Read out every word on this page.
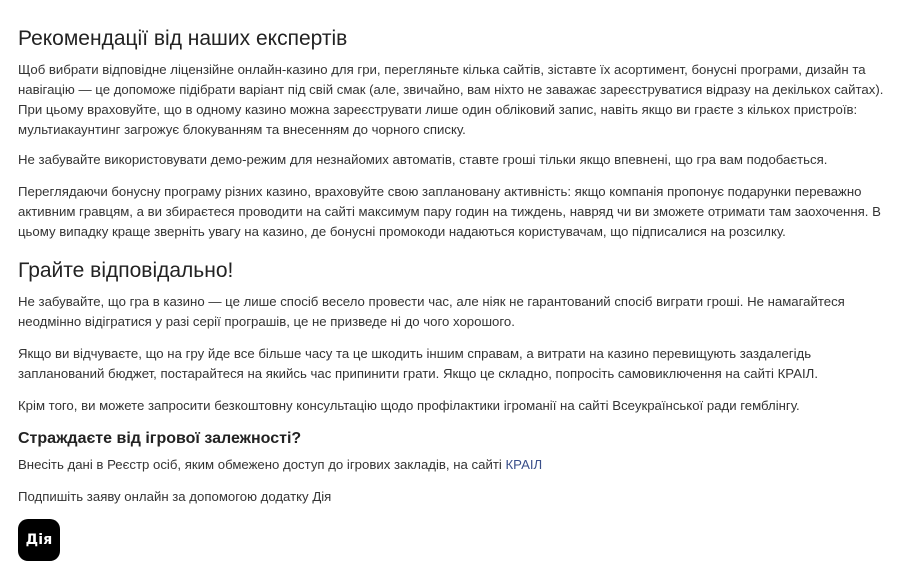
Рекомендації від наших експертів

Щоб вибрати відповідне ліцензійне онлайн-казино для гри, перегляньте кілька сайтів, зіставте їх асортимент, бонусні програми, дизайн та навігацію — це допоможе підібрати варіант під свій смак (але, звичайно, вам ніхто не заважає зареєструватися відразу на декількох сайтах). При цьому враховуйте, що в одному казино можна зареєструвати лише один обліковий запис, навіть якщо ви граєте з кількох пристроїв: мультиакаунтинг загрожує блокуванням та внесенням до чорного списку.

Не забувайте використовувати демо-режим для незнайомих автоматів, ставте гроші тільки якщо впевнені, що гра вам подобається.

Переглядаючи бонусну програму різних казино, враховуйте свою заплановану активність: якщо компанія пропонує подарунки переважно активним гравцям, а ви збираєтеся проводити на сайті максимум пару годин на тиждень, навряд чи ви зможете отримати там заохочення. В цьому випадку краще зверніть увагу на казино, де бонусні промокоди надаються користувачам, що підписалися на розсилку.

Грайте відповідально!

Не забувайте, що гра в казино — це лише спосіб весело провести час, але ніяк не гарантований спосіб виграти гроші. Не намагайтеся неодмінно відігратися у разі серії програшів, це не призведе ні до чого хорошого.

Якщо ви відчуваєте, що на гру йде все більше часу та це шкодить іншим справам, а витрати на казино перевищують заздалегідь запланований бюджет, постарайтеся на якийсь час припинити грати. Якщо це складно, попросіть самовиключення на сайті КРАІЛ.

Крім того, ви можете запросити безкоштовну консультацію щодо профілактики ігроманії на сайті Всеукраїнської ради гемблінгу.

Страждаєте від ігрової залежності?

Внесіть дані в Реєстр осіб, яким обмежено доступ до ігрових закладів, на сайті КРАІЛ

Подпишіть заяву онлайн за допомогою додатку Дія

Дія
